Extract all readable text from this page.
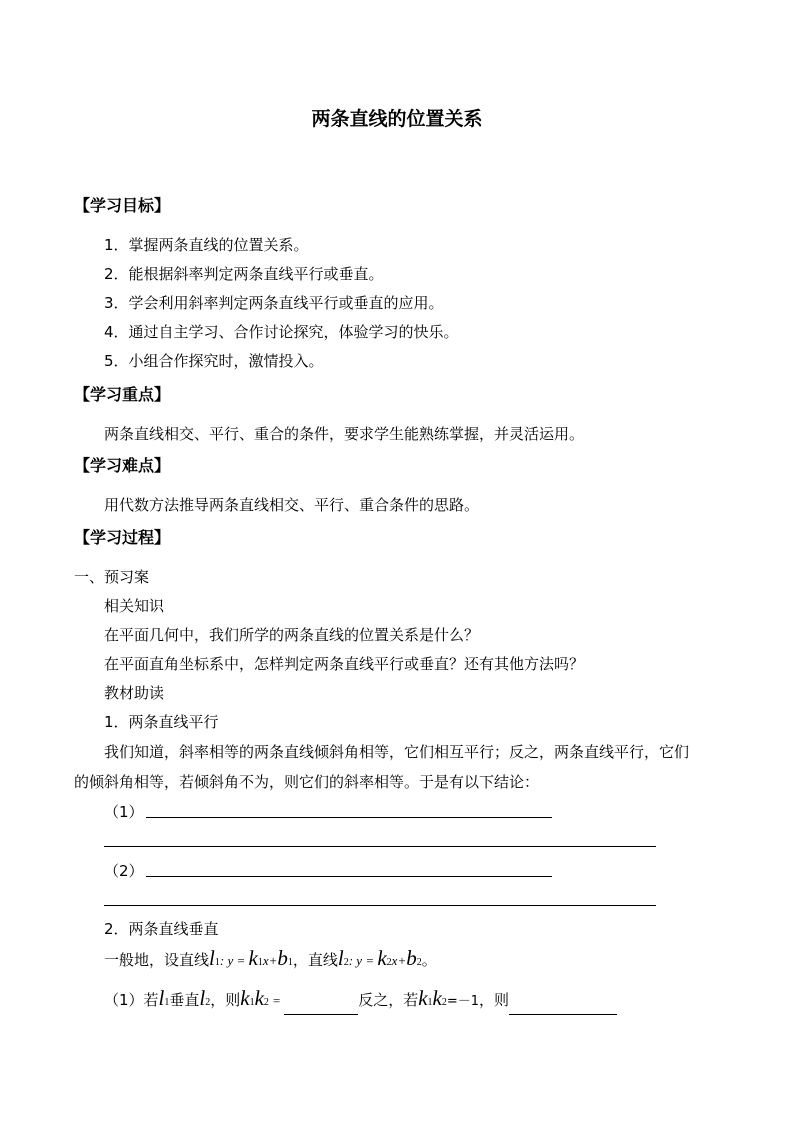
两条直线的位置关系
【学习目标】
1．掌握两条直线的位置关系。
2．能根据斜率判定两条直线平行或垂直。
3．学会利用斜率判定两条直线平行或垂直的应用。
4．通过自主学习、合作讨论探究，体验学习的快乐。
5．小组合作探究时，激情投入。
【学习重点】
两条直线相交、平行、重合的条件，要求学生能熟练掌握，并灵活运用。
【学习难点】
用代数方法推导两条直线相交、平行、重合条件的思路。
【学习过程】
一、预习案
相关知识
在平面几何中，我们所学的两条直线的位置关系是什么？
在平面直角坐标系中，怎样判定两条直线平行或垂直？还有其他方法吗？
教材助读
1．两条直线平行
我们知道，斜率相等的两条直线倾斜角相等，它们相互平行；反之，两条直线平行，它们
的倾斜角相等，若倾斜角不为，则它们的斜率相等。于是有以下结论：
（1）
（2）
2．两条直线垂直
一般地，设直线l1: y = k1x+b1，直线l2: y = k2x+b2。
（1）若l1垂直l2，则k1k2 =	反之，若k1k2=－1，则
